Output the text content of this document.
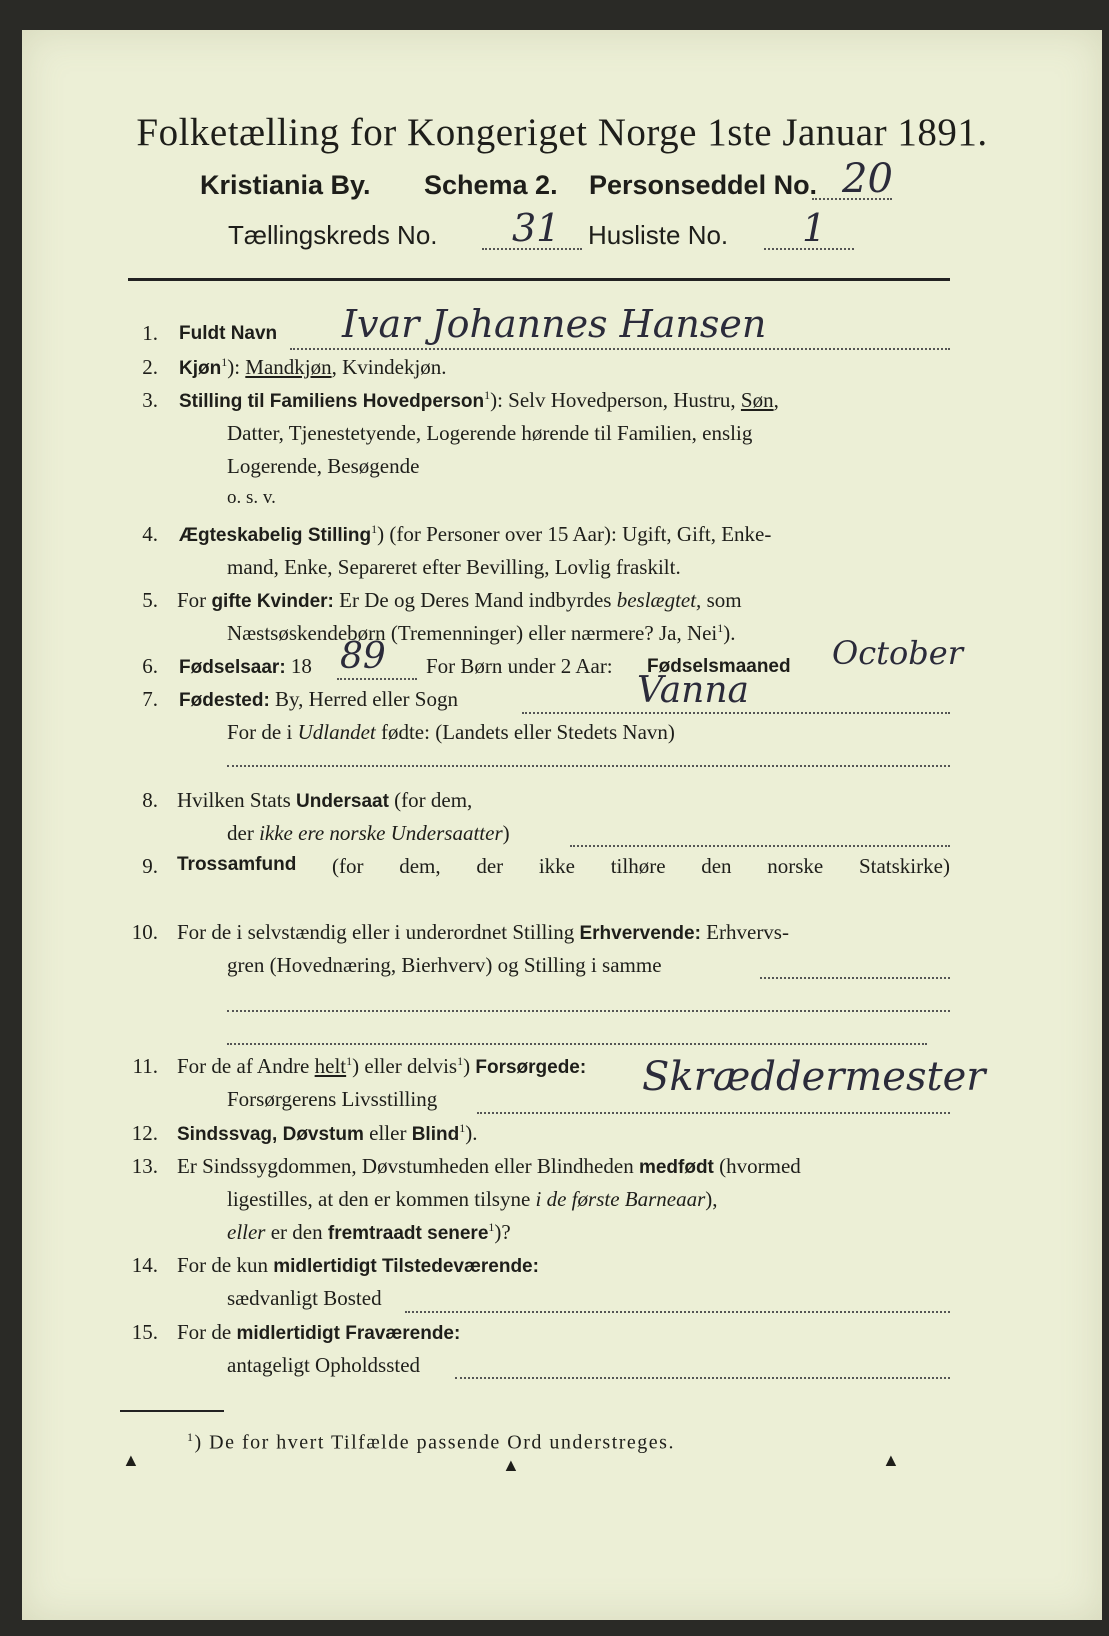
Folketælling for Kongeriget Norge 1ste Januar 1891.
Kristiania By. Schema 2. Personseddel No. 20
Tællingskreds No. 31 Husliste No. 1
1. Fuldt Navn Ivar Johannes Hansen
2. Kjøn$^1$): Mandkjøn, Kvindekjøn.
3. Stilling til Familiens Hovedperson$^1$): Selv Hovedperson, Hustru, Søn,
Datter, Tjenestetyende, Logerende hørende til Familien, enslig
Logerende, Besøgende
o. s. v.
4. Ægteskabelig Stilling$^1$) (for Personer over 15 Aar): Ugift, Gift, Enke-
mand, Enke, Separeret efter Bevilling, Lovlig fraskilt.
5. For gifte Kvinder: Er De og Deres Mand indbyrdes beslægtet, som
Næstsøskendebørn (Tremenninger) eller nærmere? Ja, Nei$^1$).
6. Fødselsaar: 18 89 For Børn under 2 Aar: Fødselsmaaned October
7. Fødested: By, Herred eller Sogn	Vanna
For de i Udlandet fødte: (Landets eller Stedets Navn)
8. Hvilken Stats Undersaat (for dem,
der ikke ere norske Undersaatter)
9. Trossamfund (for dem, der ikke tilhøre den norske Statskirke)
10. For de i selvstændig eller i underordnet Stilling Erhvervende: Erhvervs-
gren (Hovednæring, Bierhverv) og Stilling i samme
11. For de af Andre helt$^1$) eller delvis$^1$) Forsørgede:
Forsørgerens Livsstilling	Skræddermester
12. Sindssvag, Døvstum eller Blind$^1$).
13. Er Sindssygdommen, Døvstumheden eller Blindheden medfødt (hvormed
ligestilles, at den er kommen tilsyne i de første Barneaar),
eller er den fremtraadt senere$^1$)?
14. For de kun midlertidigt Tilstedeværende:
sædvanligt Bosted
15. For de midlertidigt Fraværende:
antageligt Opholdssted
$^1$) De for hvert Tilfælde passende Ord understreges.
▲	▲	▲
